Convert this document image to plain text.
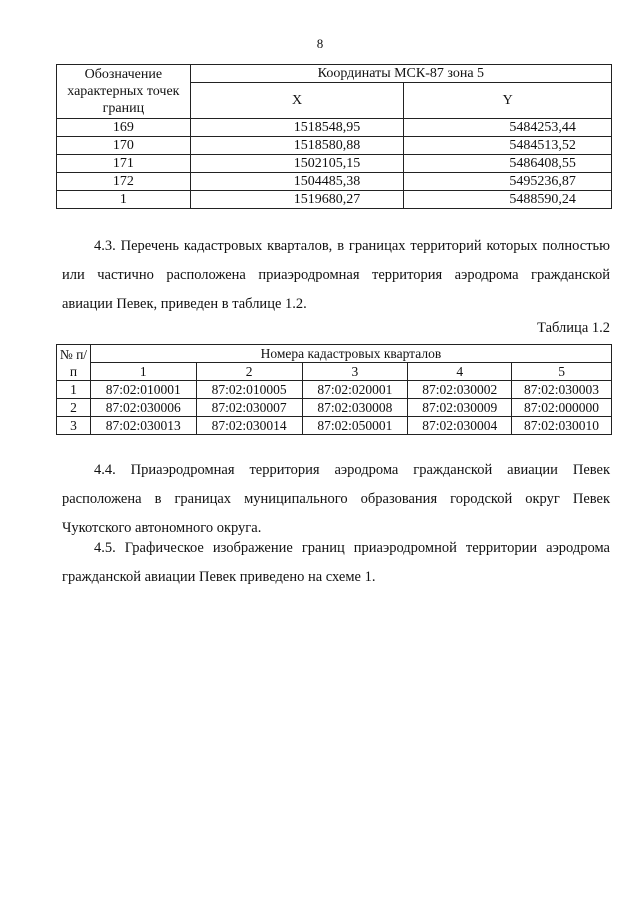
8
Обозначение характерных точек границ	Координаты МСК-87 зона 5	
	X	Y
169	1518548,95	5484253,44
170	1518580,88	5484513,52
171	1502105,15	5486408,55
172	1504485,38	5495236,87
1	1519680,27	5488590,24
4.3. Перечень кадастровых кварталов, в границах территорий которых полностью или частично расположена приаэродромная территория аэродрома гражданской авиации Певек, приведен в таблице 1.2.
Таблица 1.2
№ п/п	Номера кадастровых кварталов				
	1	2	3	4	5
1	87:02:010001	87:02:010005	87:02:020001	87:02:030002	87:02:030003
2	87:02:030006	87:02:030007	87:02:030008	87:02:030009	87:02:000000
3	87:02:030013	87:02:030014	87:02:050001	87:02:030004	87:02:030010
4.4. Приаэродромная территория аэродрома гражданской авиации Певек расположена в границах муниципального образования городской округ Певек Чукотского автономного округа.
4.5. Графическое изображение границ приаэродромной территории аэродрома гражданской авиации Певек приведено на схеме 1.
